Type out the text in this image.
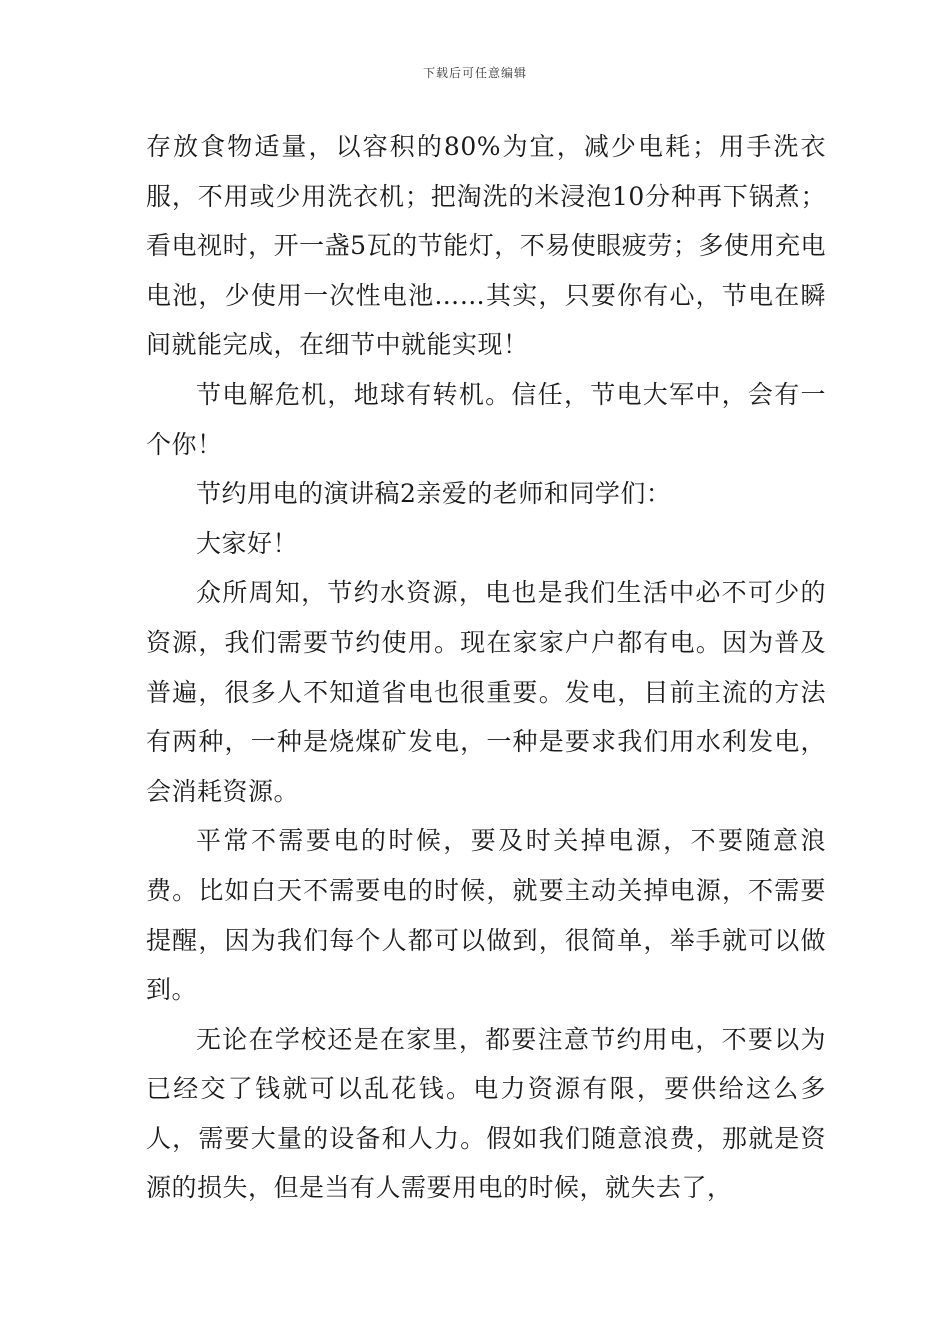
下载后可任意编辑

存放食物适量，以容积的80%为宜，减少电耗；用手洗衣服，不用或少用洗衣机；把淘洗的米浸泡10分种再下锅煮；看电视时，开一盏5瓦的节能灯，不易使眼疲劳；多使用充电电池，少使用一次性电池……其实，只要你有心，节电在瞬间就能完成，在细节中就能实现！

节电解危机，地球有转机。信任，节电大军中，会有一个你！

节约用电的演讲稿2亲爱的老师和同学们：

大家好！

众所周知，节约水资源，电也是我们生活中必不可少的资源，我们需要节约使用。现在家家户户都有电。因为普及普遍，很多人不知道省电也很重要。发电，目前主流的方法有两种，一种是烧煤矿发电，一种是要求我们用水利发电，会消耗资源。

平常不需要电的时候，要及时关掉电源，不要随意浪费。比如白天不需要电的时候，就要主动关掉电源，不需要提醒，因为我们每个人都可以做到，很简单，举手就可以做到。

无论在学校还是在家里，都要注意节约用电，不要以为已经交了钱就可以乱花钱。电力资源有限，要供给这么多人，需要大量的设备和人力。假如我们随意浪费，那就是资源的损失，但是当有人需要用电的时候，就失去了，
